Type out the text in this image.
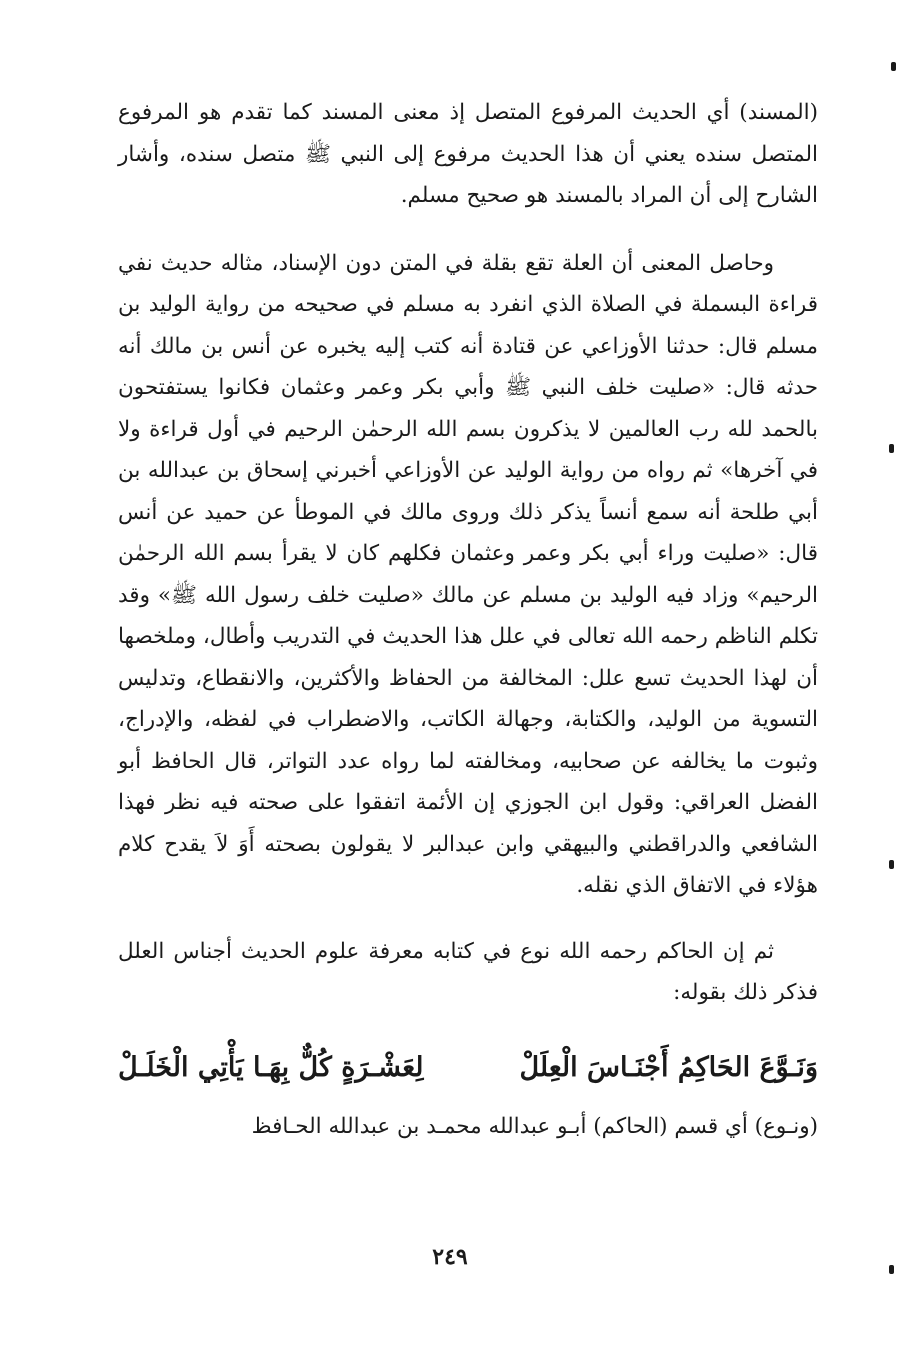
(المسند) أي الحديث المرفوع المتصل إذ معنى المسند كما تقدم هو المرفوع المتصل سنده يعني أن هذا الحديث مرفوع إلى النبي ﷺ متصل سنده، وأشار الشارح إلى أن المراد بالمسند هو صحيح مسلم.

وحاصل المعنى أن العلة تقع بقلة في المتن دون الإسناد، مثاله حديث نفي قراءة البسملة في الصلاة الذي انفرد به مسلم في صحيحه من رواية الوليد بن مسلم قال: حدثنا الأوزاعي عن قتادة أنه كتب إليه يخبره عن أنس بن مالك أنه حدثه قال: «صليت خلف النبي ﷺ وأبي بكر وعمر وعثمان فكانوا يستفتحون بالحمد لله رب العالمين لا يذكرون بسم الله الرحمٰن الرحيم في أول قراءة ولا في آخرها» ثم رواه من رواية الوليد عن الأوزاعي أخبرني إسحاق بن عبدالله بن أبي طلحة أنه سمع أنساً يذكر ذلك وروى مالك في الموطأ عن حميد عن أنس قال: «صليت وراء أبي بكر وعمر وعثمان فكلهم كان لا يقرأ بسم الله الرحمٰن الرحيم» وزاد فيه الوليد بن مسلم عن مالك «صليت خلف رسول الله ﷺ» وقد تكلم الناظم رحمه الله تعالى في علل هذا الحديث في التدريب وأطال، وملخصها أن لهذا الحديث تسع علل: المخالفة من الحفاظ والأكثرين، والانقطاع، وتدليس التسوية من الوليد، والكتابة، وجهالة الكاتب، والاضطراب في لفظه، والإدراج، وثبوت ما يخالفه عن صحابيه، ومخالفته لما رواه عدد التواتر، قال الحافظ أبو الفضل العراقي: وقول ابن الجوزي إن الأئمة اتفقوا على صحته فيه نظر فهذا الشافعي والدراقطني والبيهقي وابن عبدالبر لا يقولون بصحته أَوَ لاَ يقدح كلام هؤلاء في الاتفاق الذي نقله.

ثم إن الحاكم رحمه الله نوع في كتابه معرفة علوم الحديث أجناس العلل فذكر ذلك بقوله:

وَنَـوَّعَ الحَاكِمُ أَجْنَـاسَ الْعِلَلْ
لِعَشْـرَةٍ كُلٌّ بِهَـا يَأْتِي الْخَلَـلْ

(ونـوع) أي قسم (الحاكم) أبـو عبدالله محمـد بن عبدالله الحـافظ

٢٤٩
